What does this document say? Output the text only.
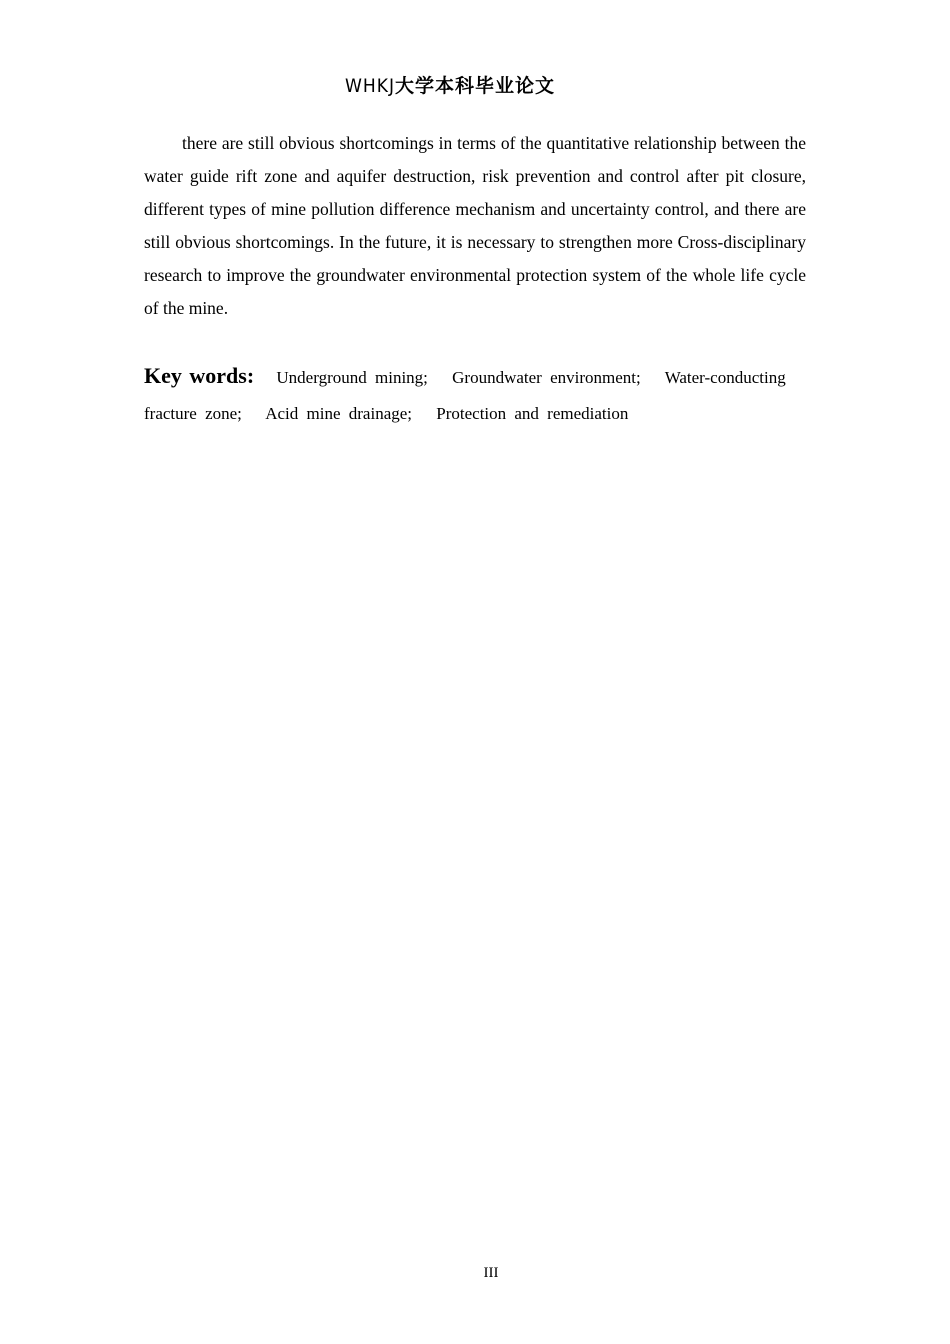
WHKJ大学本科毕业论文

there are still obvious shortcomings in terms of the quantitative relationship between the water guide rift zone and aquifer destruction, risk prevention and control after pit closure, different types of mine pollution difference mechanism and uncertainty control, and there are still obvious shortcomings. In the future, it is necessary to strengthen more Cross-disciplinary research to improve the groundwater environmental protection system of the whole life cycle of the mine.

Key words: Underground mining; Groundwater environment; Water-conducting fracture zone; Acid mine drainage; Protection and remediation

III
